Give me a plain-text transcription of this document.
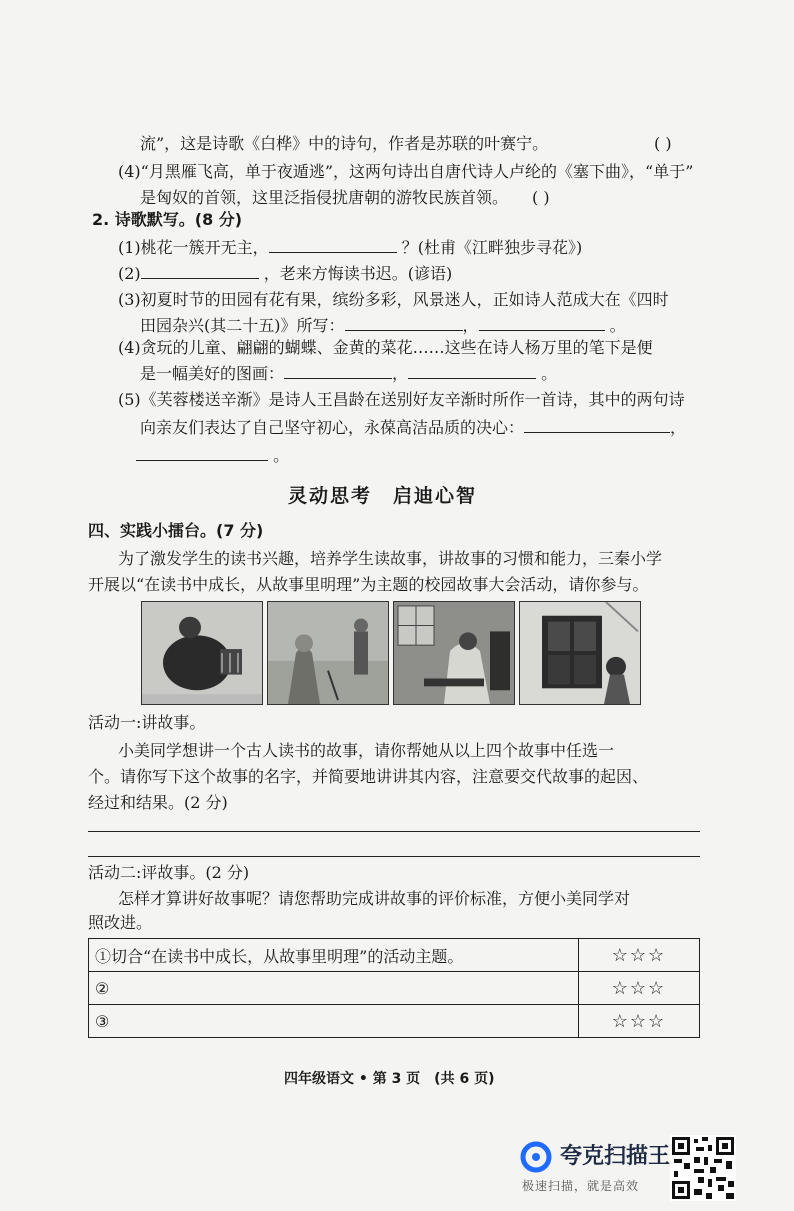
流”，这是诗歌《白桦》中的诗句，作者是苏联的叶赛宁。	( )
(4)“月黑雁飞高，单于夜遁逃”，这两句诗出自唐代诗人卢纶的《塞下曲》，“单于”
是匈奴的首领，这里泛指侵扰唐朝的游牧民族首领。 ( )
2. 诗歌默写。(8 分)
(1)桃花一簇开无主，	？(杜甫《江畔独步寻花》)
(2)	，老来方悔读书迟。(谚语)
(3)初夏时节的田园有花有果，缤纷多彩，风景迷人，正如诗人范成大在《四时
田园杂兴(其二十五)》所写：	，	。
(4)贪玩的儿童、翩翩的蝴蝶、金黄的菜花……这些在诗人杨万里的笔下是便
是一幅美好的图画：	，	。
(5)《芙蓉楼送辛渐》是诗人王昌龄在送别好友辛渐时所作一首诗，其中的两句诗
向亲友们表达了自己坚守初心，永葆高洁品质的决心：	，
。
灵动思考　启迪心智
四、实践小擂台。(7 分)
为了激发学生的读书兴趣，培养学生读故事，讲故事的习惯和能力，三秦小学
开展以“在读书中成长，从故事里明理”为主题的校园故事大会活动，请你参与。
活动一:讲故事。
小美同学想讲一个古人读书的故事，请你帮她从以上四个故事中任选一
个。请你写下这个故事的名字，并简要地讲讲其内容，注意要交代故事的起因、
经过和结果。(2 分)
活动二:评故事。(2 分)
怎样才算讲好故事呢？请您帮助完成讲故事的评价标准，方便小美同学对
照改进。
①切合“在读书中成长，从故事里明理”的活动主题。	☆☆☆
②	☆☆☆
③	☆☆☆
四年级语文 • 第 3 页　(共 6 页)
夸克扫描王
极速扫描，就是高效
